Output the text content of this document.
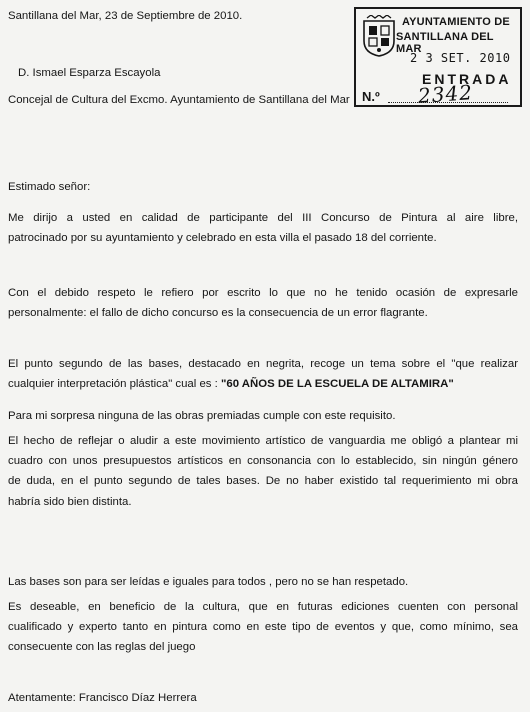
Santillana del Mar, 23 de Septiembre de 2010.
D. Ismael Esparza Escayola
Concejal de Cultura del Excmo. Ayuntamiento de Santillana del Mar
Estimado señor:
Me dirijo a usted en calidad de participante del III Concurso de Pintura al aire libre,
patrocinado por su ayuntamiento y celebrado en esta villa el pasado 18 del corriente.
Con el debido respeto le refiero por escrito lo que no he tenido ocasión de expresarle
personalmente: el fallo de dicho concurso es la consecuencia de un error flagrante.
El punto segundo de las bases, destacado en negrita, recoge un tema sobre el "que realizar
cualquier interpretación plástica" cual es : "60 AÑOS DE LA ESCUELA DE ALTAMIRA"
Para mi sorpresa ninguna de las obras premiadas cumple con este requisito.
El hecho de reflejar o aludir a este movimiento artístico de vanguardia me obligó a plantear mi
cuadro con unos presupuestos artísticos en consonancia con lo establecido, sin ningún género
de duda, en el punto segundo de tales bases. De no haber existido tal requerimiento mi obra
habría sido bien distinta.
Las bases son para ser leídas e iguales para todos , pero no se han respetado.
Es deseable, en beneficio de la cultura, que en futuras ediciones cuenten con personal
cualificado y experto tanto en pintura como en este tipo de eventos y que, como mínimo, sea
consecuente con las reglas del juego
Atentamente: Francisco Díaz Herrera
AYUNTAMIENTO DE
SANTILLANA DEL MAR
2 3 SET. 2010
ENTRADA
N.º 2342
